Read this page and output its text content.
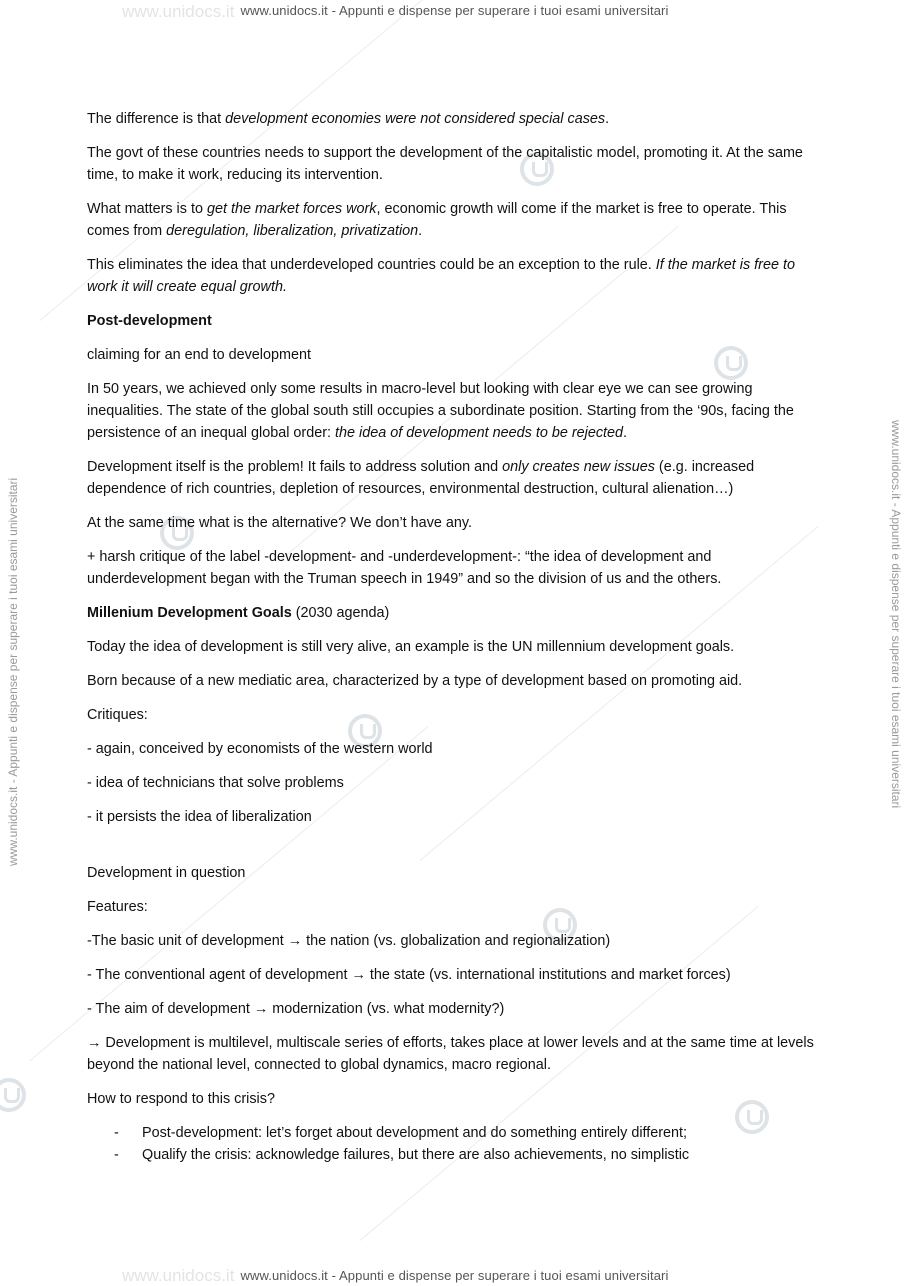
www.unidocs.it www.unidocs.it - Appunti e dispense per superare i tuoi esami universitari
www.unidocs.it www.unidocs.it - Appunti e dispense per superare i tuoi esami universitari
www.unidocs.it - Appunti e dispense per superare i tuoi esami universitari	www.unidocs.it - Appunti e dispense per superare i tuoi esami universitari

The difference is that development economies were not considered special cases.

The govt of these countries needs to support the development of the capitalistic model, promoting it. At the same time, to make it work, reducing its intervention.

What matters is to get the market forces work, economic growth will come if the market is free to operate. This comes from deregulation, liberalization, privatization.

This eliminates the idea that underdeveloped countries could be an exception to the rule. If the market is free to work it will create equal growth.

Post-development

claiming for an end to development

In 50 years, we achieved only some results in macro-level but looking with clear eye we can see growing inequalities. The state of the global south still occupies a subordinate position. Starting from the ‘90s, facing the persistence of an inequal global order: the idea of development needs to be rejected.

Development itself is the problem! It fails to address solution and only creates new issues (e.g. increased dependence of rich countries, depletion of resources, environmental destruction, cultural alienation…)

At the same time what is the alternative? We don’t have any.

+ harsh critique of the label -development- and -underdevelopment-: “the idea of development and underdevelopment began with the Truman speech in 1949” and so the division of us and the others.

Millenium Development Goals (2030 agenda)

Today the idea of development is still very alive, an example is the UN millennium development goals.

Born because of a new mediatic area, characterized by a type of development based on promoting aid.

Critiques:

- again, conceived by economists of the western world

- idea of technicians that solve problems

- it persists the idea of liberalization

Development in question

Features:

-The basic unit of development → the nation (vs. globalization and regionalization)

- The conventional agent of development → the state (vs. international institutions and market forces)

- The aim of development → modernization (vs. what modernity?)

→ Development is multilevel, multiscale series of efforts, takes place at lower levels and at the same time at levels beyond the national level, connected to global dynamics, macro regional.

How to respond to this crisis?

- Post-development: let’s forget about development and do something entirely different;
- Qualify the crisis: acknowledge failures, but there are also achievements, no simplistic
